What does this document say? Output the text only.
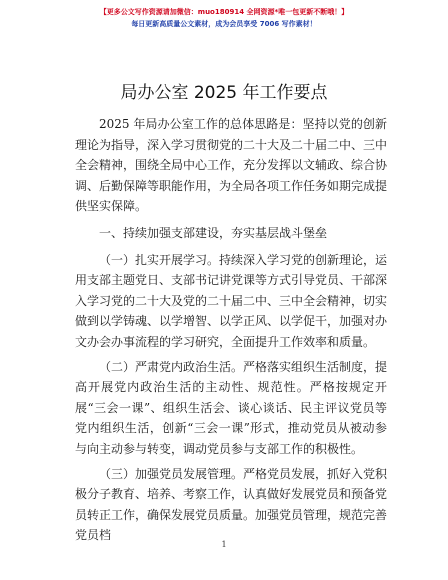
【更多公文写作资源请加微信：muo180914 全网资源*唯一包更新不断哦！】
每日更新高质量公文素材，成为会员享受 7006 写作素材！
局办公室 2025 年工作要点

2025 年局办公室工作的总体思路是：坚持以党的创新理论为指导，深入学习贯彻党的二十大及二十届二中、三中全会精神，围绕全局中心工作，充分发挥以文辅政、综合协调、后勤保障等职能作用，为全局各项工作任务如期完成提供坚实保障。

一、持续加强支部建设，夯实基层战斗堡垒

（一）扎实开展学习。持续深入学习党的创新理论，运用支部主题党日、支部书记讲党课等方式引导党员、干部深入学习党的二十大及党的二十届二中、三中全会精神，切实做到以学铸魂、以学增智、以学正风、以学促干，加强对办文办会办事流程的学习研究，全面提升工作效率和质量。

（二）严肃党内政治生活。严格落实组织生活制度，提高开展党内政治生活的主动性、规范性。严格按规定开展“三会一课”、组织生活会、谈心谈话、民主评议党员等党内组织生活，创新“三会一课”形式，推动党员从被动参与向主动参与转变，调动党员参与支部工作的积极性。

（三）加强党员发展管理。严格党员发展，抓好入党积极分子教育、培养、考察工作，认真做好发展党员和预备党员转正工作，确保发展党员质量。加强党员管理，规范完善党员档

1
